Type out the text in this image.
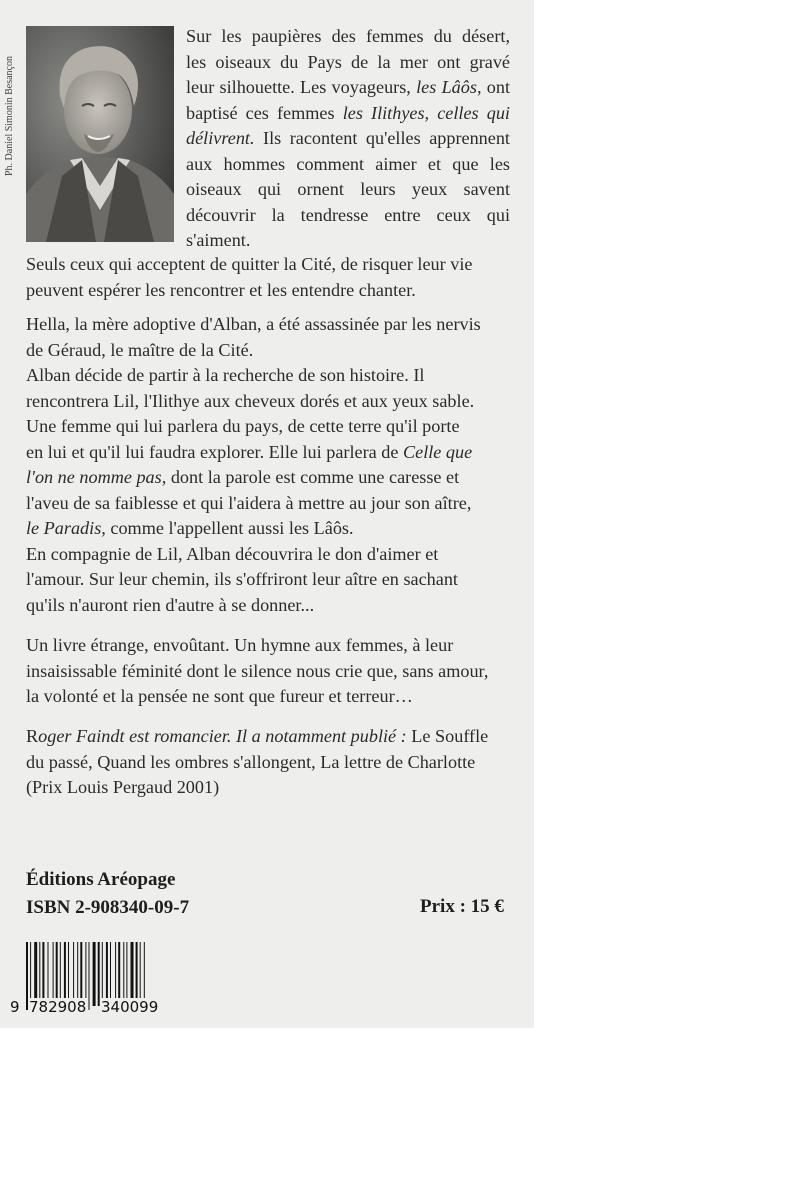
Ph. Daniel Simonin Besançon
Sur les paupières des femmes du désert,
les oiseaux du Pays de la mer ont gravé
leur silhouette. Les voyageurs, les Lâôs, ont
baptisé ces femmes les Ilithyes, celles qui
délivrent. Ils racontent qu'elles apprennent
aux hommes comment aimer et que les
oiseaux qui ornent leurs yeux savent
découvrir la tendresse entre ceux qui
s'aiment.
Seuls ceux qui acceptent de quitter la Cité, de risquer leur vie
peuvent espérer les rencontrer et les entendre chanter.
Hella, la mère adoptive d'Alban, a été assassinée par les nervis
de Géraud, le maître de la Cité.
Alban décide de partir à la recherche de son histoire. Il
rencontrera Lil, l'Ilithye aux cheveux dorés et aux yeux sable.
Une femme qui lui parlera du pays, de cette terre qu'il porte
en lui et qu'il lui faudra explorer. Elle lui parlera de Celle que
l'on ne nomme pas, dont la parole est comme une caresse et
l'aveu de sa faiblesse et qui l'aidera à mettre au jour son aître,
le Paradis, comme l'appellent aussi les Lâôs.
En compagnie de Lil, Alban découvrira le don d'aimer et
l'amour. Sur leur chemin, ils s'offriront leur aître en sachant
qu'ils n'auront rien d'autre à se donner...
Un livre étrange, envoûtant. Un hymne aux femmes, à leur
insaisissable féminité dont le silence nous crie que, sans amour,
la volonté et la pensée ne sont que fureur et terreur…
Roger Faindt est romancier. Il a notamment publié : Le Souffle
du passé, Quand les ombres s'allongent, La lettre de Charlotte
(Prix Louis Pergaud 2001)
Éditions Aréopage
ISBN 2-908340-09-7	Prix : 15 €
9 782908 340099
